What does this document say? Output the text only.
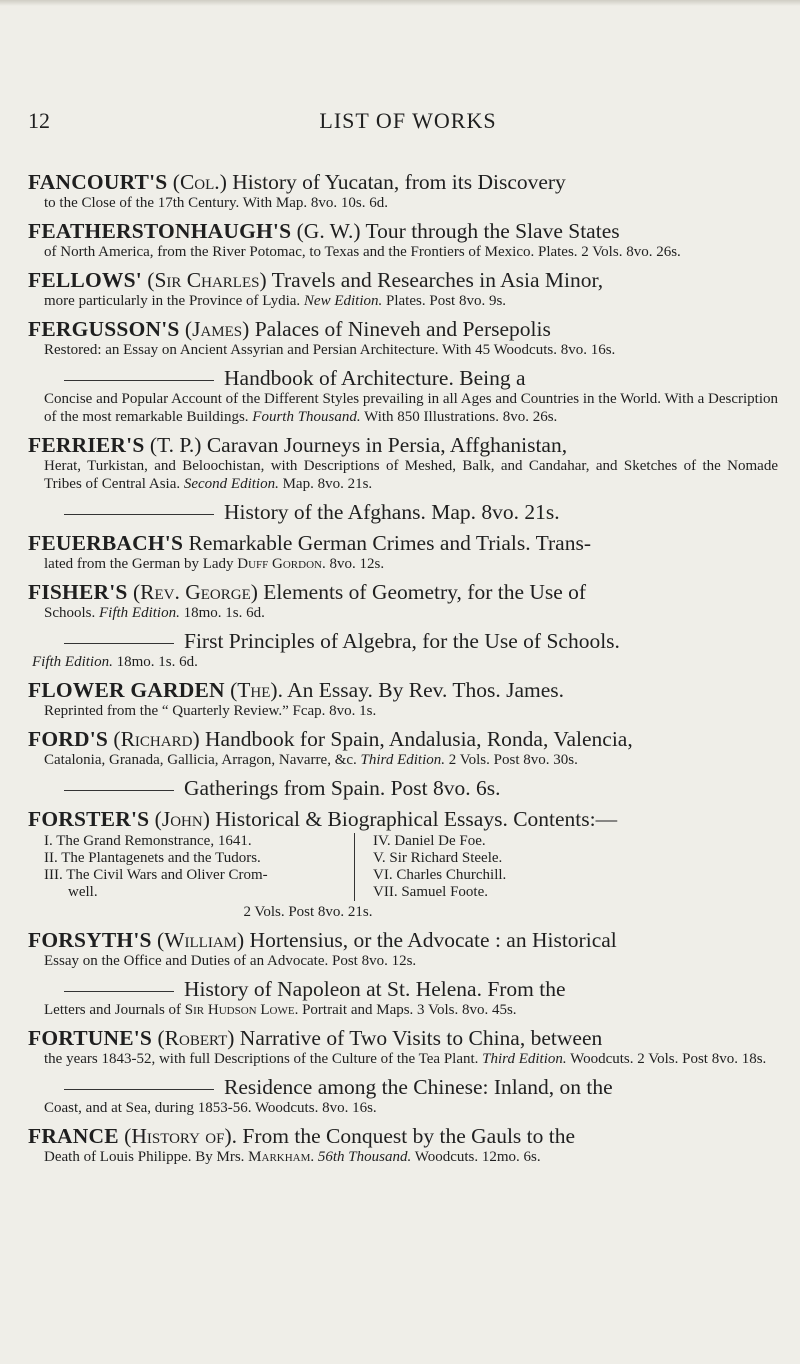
12	LIST OF WORKS
FANCOURT'S (Col.) History of Yucatan, from its Discovery
to the Close of the 17th Century. With Map. 8vo. 10s. 6d.
FEATHERSTONHAUGH'S (G. W.) Tour through the Slave States
of North America, from the River Potomac, to Texas and the Frontiers of Mexico. Plates. 2 Vols. 8vo. 26s.
FELLOWS' (Sir Charles) Travels and Researches in Asia Minor,
more particularly in the Province of Lydia. New Edition. Plates. Post 8vo. 9s.
FERGUSSON'S (James) Palaces of Nineveh and Persepolis
Restored: an Essay on Ancient Assyrian and Persian Architecture. With 45 Woodcuts. 8vo. 16s.
Handbook of Architecture. Being a
Concise and Popular Account of the Different Styles prevailing in all Ages and Countries in the World. With a Description of the most remarkable Buildings. Fourth Thousand. With 850 Illustrations. 8vo. 26s.
FERRIER'S (T. P.) Caravan Journeys in Persia, Affghanistan,
Herat, Turkistan, and Beloochistan, with Descriptions of Meshed, Balk, and Candahar, and Sketches of the Nomade Tribes of Central Asia. Second Edition. Map. 8vo. 21s.
History of the Afghans. Map. 8vo. 21s.
FEUERBACH'S Remarkable German Crimes and Trials. Trans-
lated from the German by Lady Duff Gordon. 8vo. 12s.
FISHER'S (Rev. George) Elements of Geometry, for the Use of
Schools. Fifth Edition. 18mo. 1s. 6d.
First Principles of Algebra, for the Use of Schools.
Fifth Edition. 18mo. 1s. 6d.
FLOWER GARDEN (The). An Essay. By Rev. Thos. James.
Reprinted from the “ Quarterly Review.” Fcap. 8vo. 1s.
FORD'S (Richard) Handbook for Spain, Andalusia, Ronda, Valencia,
Catalonia, Granada, Gallicia, Arragon, Navarre, &c. Third Edition. 2 Vols. Post 8vo. 30s.
Gatherings from Spain. Post 8vo. 6s.
FORSTER'S (John) Historical & Biographical Essays. Contents:—
I. The Grand Remonstrance, 1641.
II. The Plantagenets and the Tudors.
III. The Civil Wars and Oliver Crom-
well.
IV. Daniel De Foe.
V. Sir Richard Steele.
VI. Charles Churchill.
VII. Samuel Foote.
2 Vols. Post 8vo. 21s.
FORSYTH'S (William) Hortensius, or the Advocate : an Historical
Essay on the Office and Duties of an Advocate. Post 8vo. 12s.
History of Napoleon at St. Helena. From the
Letters and Journals of Sir Hudson Lowe. Portrait and Maps. 3 Vols. 8vo. 45s.
FORTUNE'S (Robert) Narrative of Two Visits to China, between
the years 1843-52, with full Descriptions of the Culture of the Tea Plant. Third Edition. Woodcuts. 2 Vols. Post 8vo. 18s.
Residence among the Chinese: Inland, on the
Coast, and at Sea, during 1853-56. Woodcuts. 8vo. 16s.
FRANCE (History of). From the Conquest by the Gauls to the
Death of Louis Philippe. By Mrs. Markham. 56th Thousand. Woodcuts. 12mo. 6s.
